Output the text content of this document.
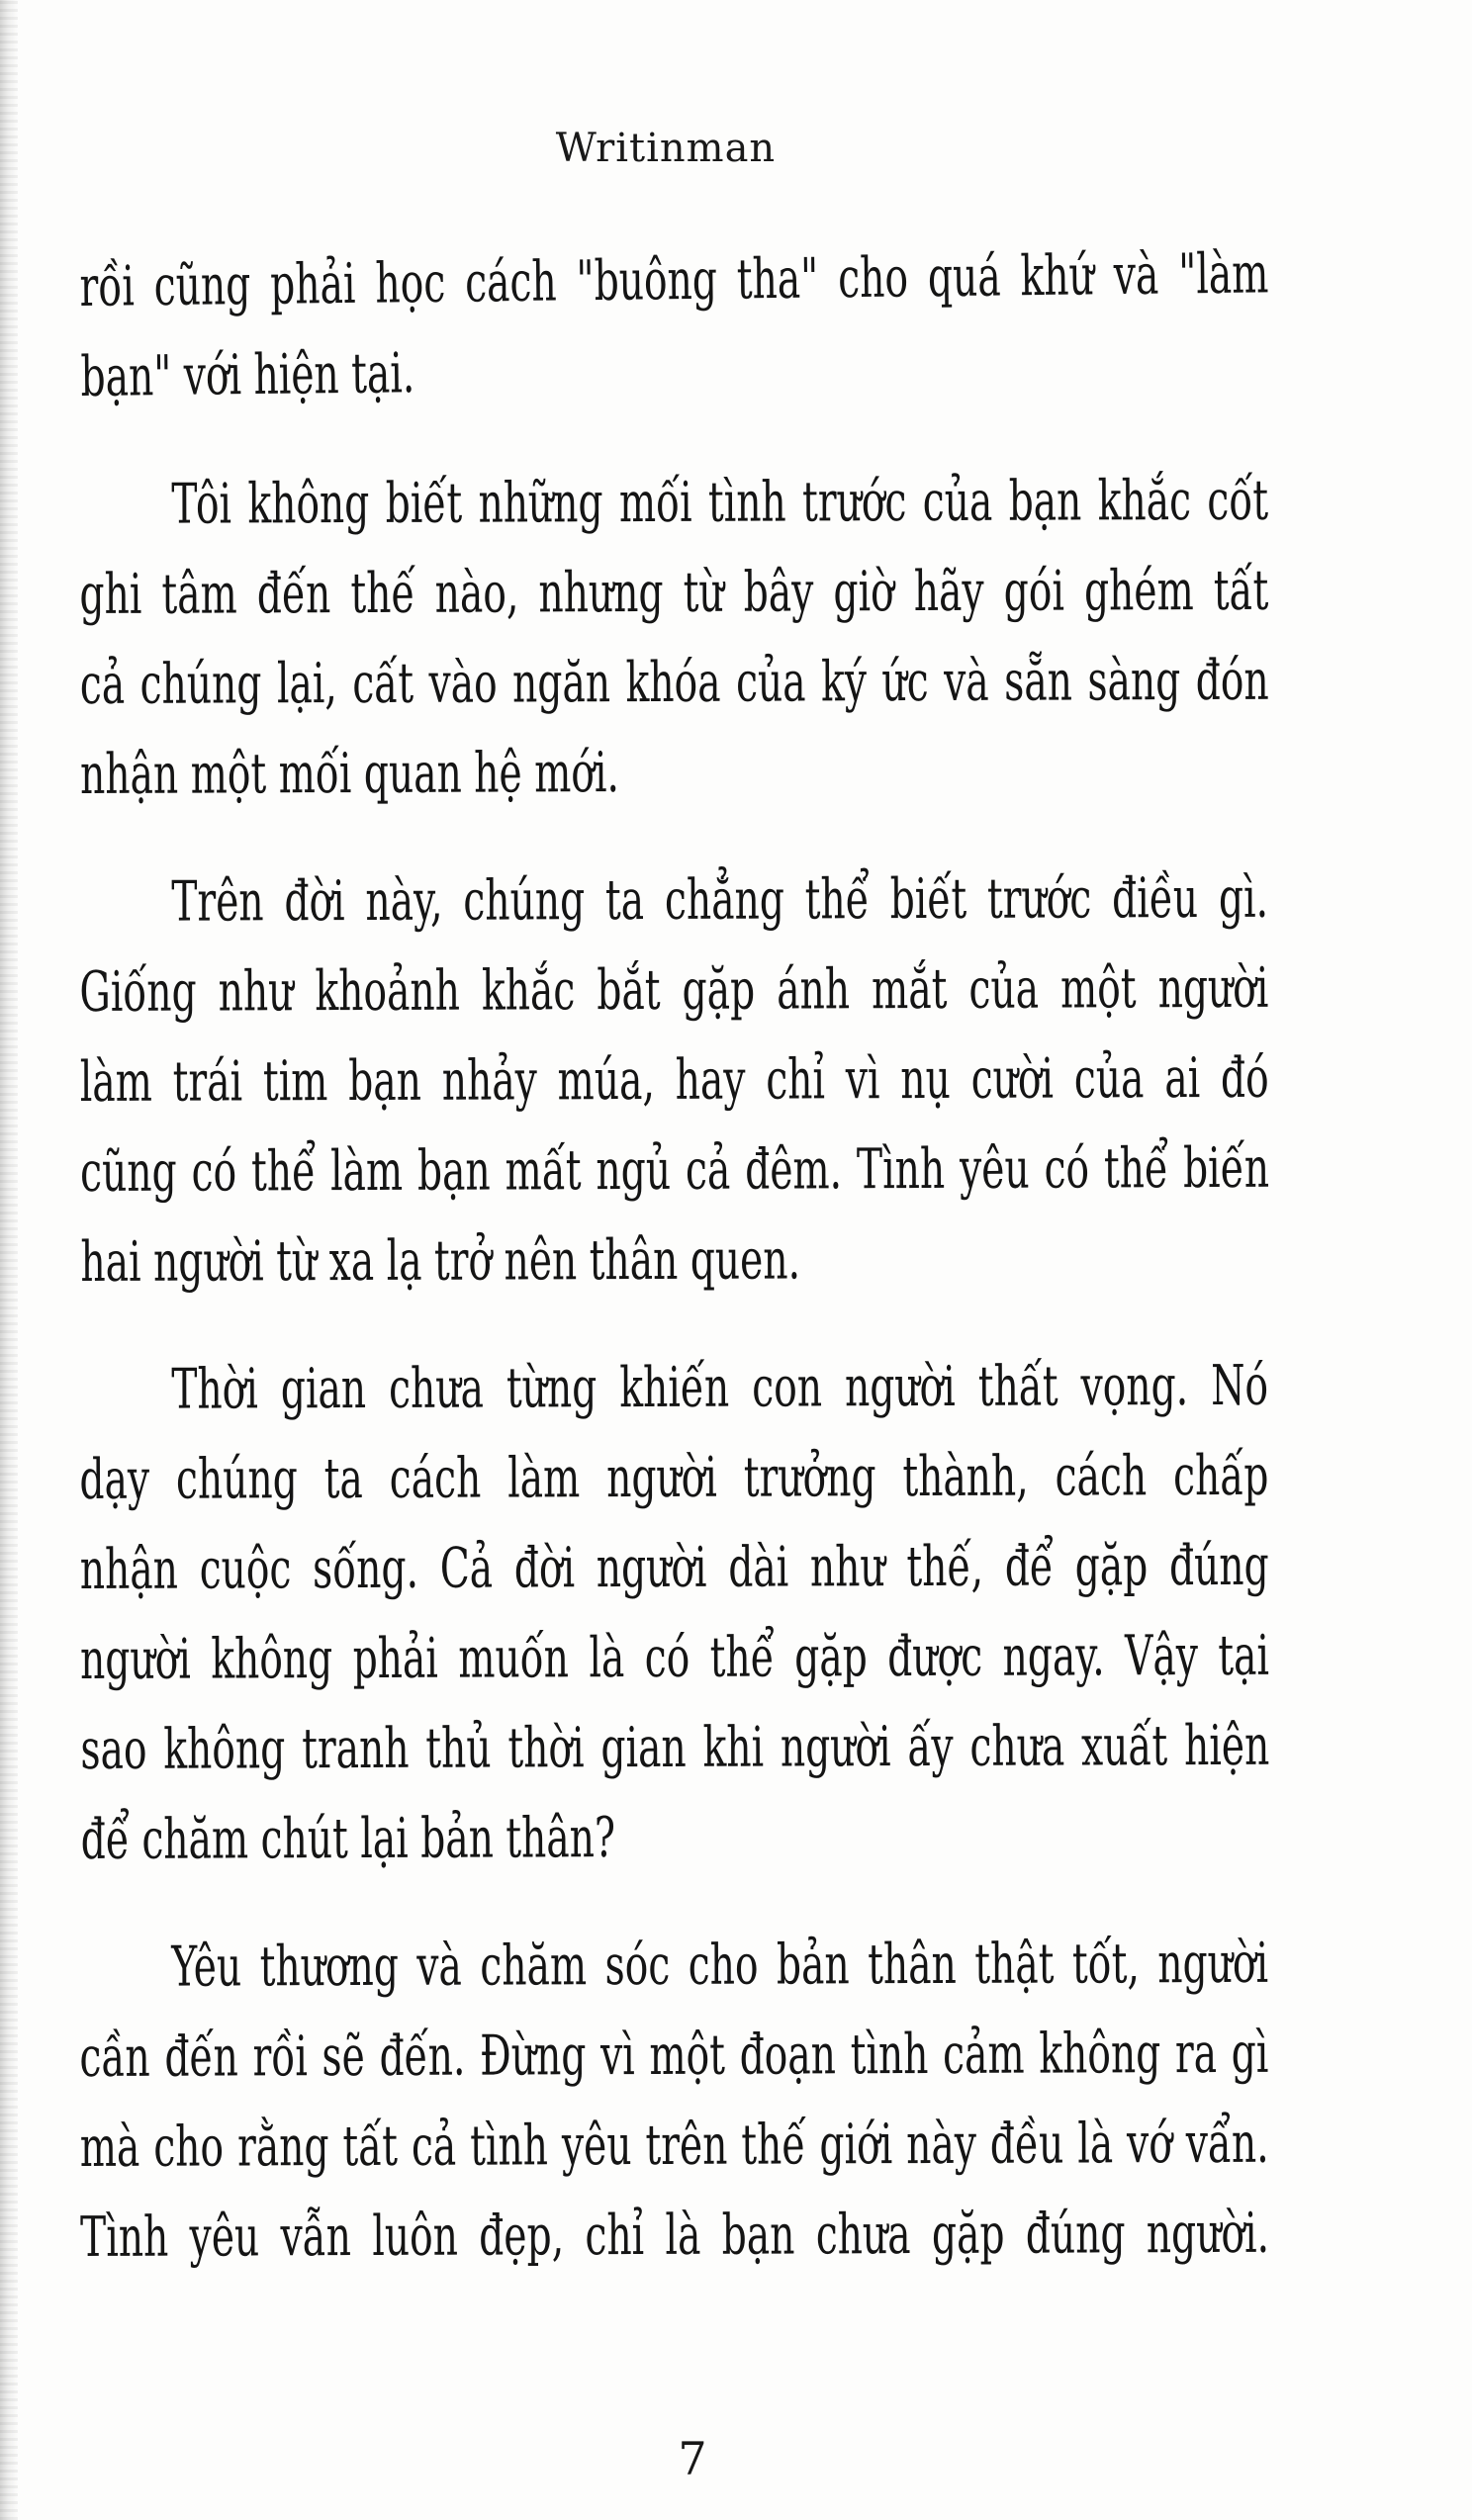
Writinman

rồi cũng phải học cách "buông tha" cho quá khứ và "làm
bạn" với hiện tại.

Tôi không biết những mối tình trước của bạn khắc cốt
ghi tâm đến thế nào, nhưng từ bây giờ hãy gói ghém tất
cả chúng lại, cất vào ngăn khóa của ký ức và sẵn sàng đón
nhận một mối quan hệ mới.

Trên đời này, chúng ta chẳng thể biết trước điều gì.
Giống như khoảnh khắc bắt gặp ánh mắt của một người
làm trái tim bạn nhảy múa, hay chỉ vì nụ cười của ai đó
cũng có thể làm bạn mất ngủ cả đêm. Tình yêu có thể biến
hai người từ xa lạ trở nên thân quen.

Thời gian chưa từng khiến con người thất vọng. Nó
dạy chúng ta cách làm người trưởng thành, cách chấp
nhận cuộc sống. Cả đời người dài như thế, để gặp đúng
người không phải muốn là có thể gặp được ngay. Vậy tại
sao không tranh thủ thời gian khi người ấy chưa xuất hiện
để chăm chút lại bản thân?

Yêu thương và chăm sóc cho bản thân thật tốt, người
cần đến rồi sẽ đến. Đừng vì một đoạn tình cảm không ra gì
mà cho rằng tất cả tình yêu trên thế giới này đều là vớ vẩn.
Tình yêu vẫn luôn đẹp, chỉ là bạn chưa gặp đúng người.

7
